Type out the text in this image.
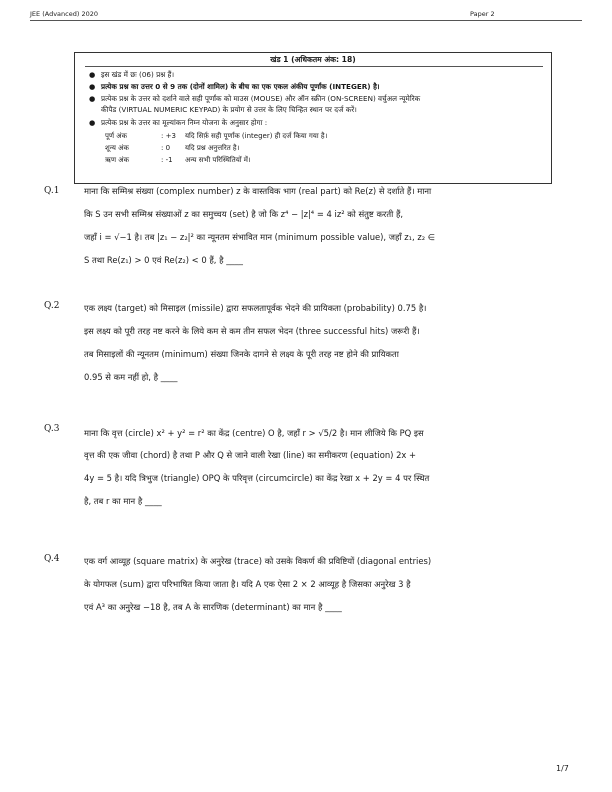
JEE (Advanced) 2020	Paper 2
खंड 1 (अधिकतम अंक: 18)
● इस खंड में छः (06) प्रश्न हैं।
● प्रत्येक प्रश्न का उत्तर 0 से 9 तक (दोनों शामिल) के बीच का एक एकल अंकीय पूर्णांक (INTEGER) है।
● प्रत्येक प्रश्न के उत्तर को दर्शाने वाले सही पूर्णांक को माउस (MOUSE) और ऑन स्क्रीन (ON-SCREEN) वर्चुअल न्यूमेरिक
कीपैड (VIRTUAL NUMERIC KEYPAD) के प्रयोग से उत्तर के लिए चिन्हित स्थान पर दर्ज करें।
● प्रत्येक प्रश्न के उत्तर का मूल्यांकन निम्न योजना के अनुसार होगा :
पूर्ण अंक	: +3 यदि सिर्फ़ सही पूर्णांक (integer) ही दर्ज किया गया है।
शून्य अंक	: 0 यदि प्रश्न अनुत्तरित है।
ऋण अंक	: -1 अन्य सभी परिस्थितियों में।
Q.1	माना कि सम्मिश्र संख्या (complex number) z के वास्तविक भाग (real part) को Re(z) से दर्शाते हैं। माना
कि S उन सभी सम्मिश्र संख्याओं z का समुच्चय (set) है जो कि z⁴ − |z|⁴ = 4 iz² को संतुष्ट करती हैं,
जहाँ i = √−1 है। तब |z₁ − z₂|² का न्यूनतम संभावित मान (minimum possible value), जहाँ z₁, z₂ ∈
S तथा Re(z₁) > 0 एवं Re(z₂) < 0 हैं, है ____
Q.2	एक लक्ष्य (target) को मिसाइल (missile) द्वारा सफलतापूर्वक भेदने की प्रायिकता (probability) 0.75 है।
इस लक्ष्य को पूरी तरह नष्ट करने के लिये कम से कम तीन सफल भेदन (three successful hits) जरूरी हैं।
तब मिसाइलों की न्यूनतम (minimum) संख्या जिनके दागने से लक्ष्य के पूरी तरह नष्ट होने की प्रायिकता
0.95 से कम नहीं हो, है ____
Q.3	माना कि वृत्त (circle) x² + y² = r² का केंद्र (centre) O है, जहाँ r > √5/2 है। मान लीजिये कि PQ इस
वृत्त की एक जीवा (chord) है तथा P और Q से जाने वाली रेखा (line) का समीकरण (equation) 2x +
4y = 5 है। यदि त्रिभुज (triangle) OPQ के परिवृत्त (circumcircle) का केंद्र रेखा x + 2y = 4 पर स्थित
है, तब r का मान है ____
Q.4	एक वर्ग आव्यूह (square matrix) के अनुरेख (trace) को उसके विकर्ण की प्रविष्टियों (diagonal entries)
के योगफल (sum) द्वारा परिभाषित किया जाता है। यदि A एक ऐसा 2 × 2 आव्यूह है जिसका अनुरेख 3 है
एवं A³ का अनुरेख −18 है, तब A के सारणिक (determinant) का मान है ____
1/7
